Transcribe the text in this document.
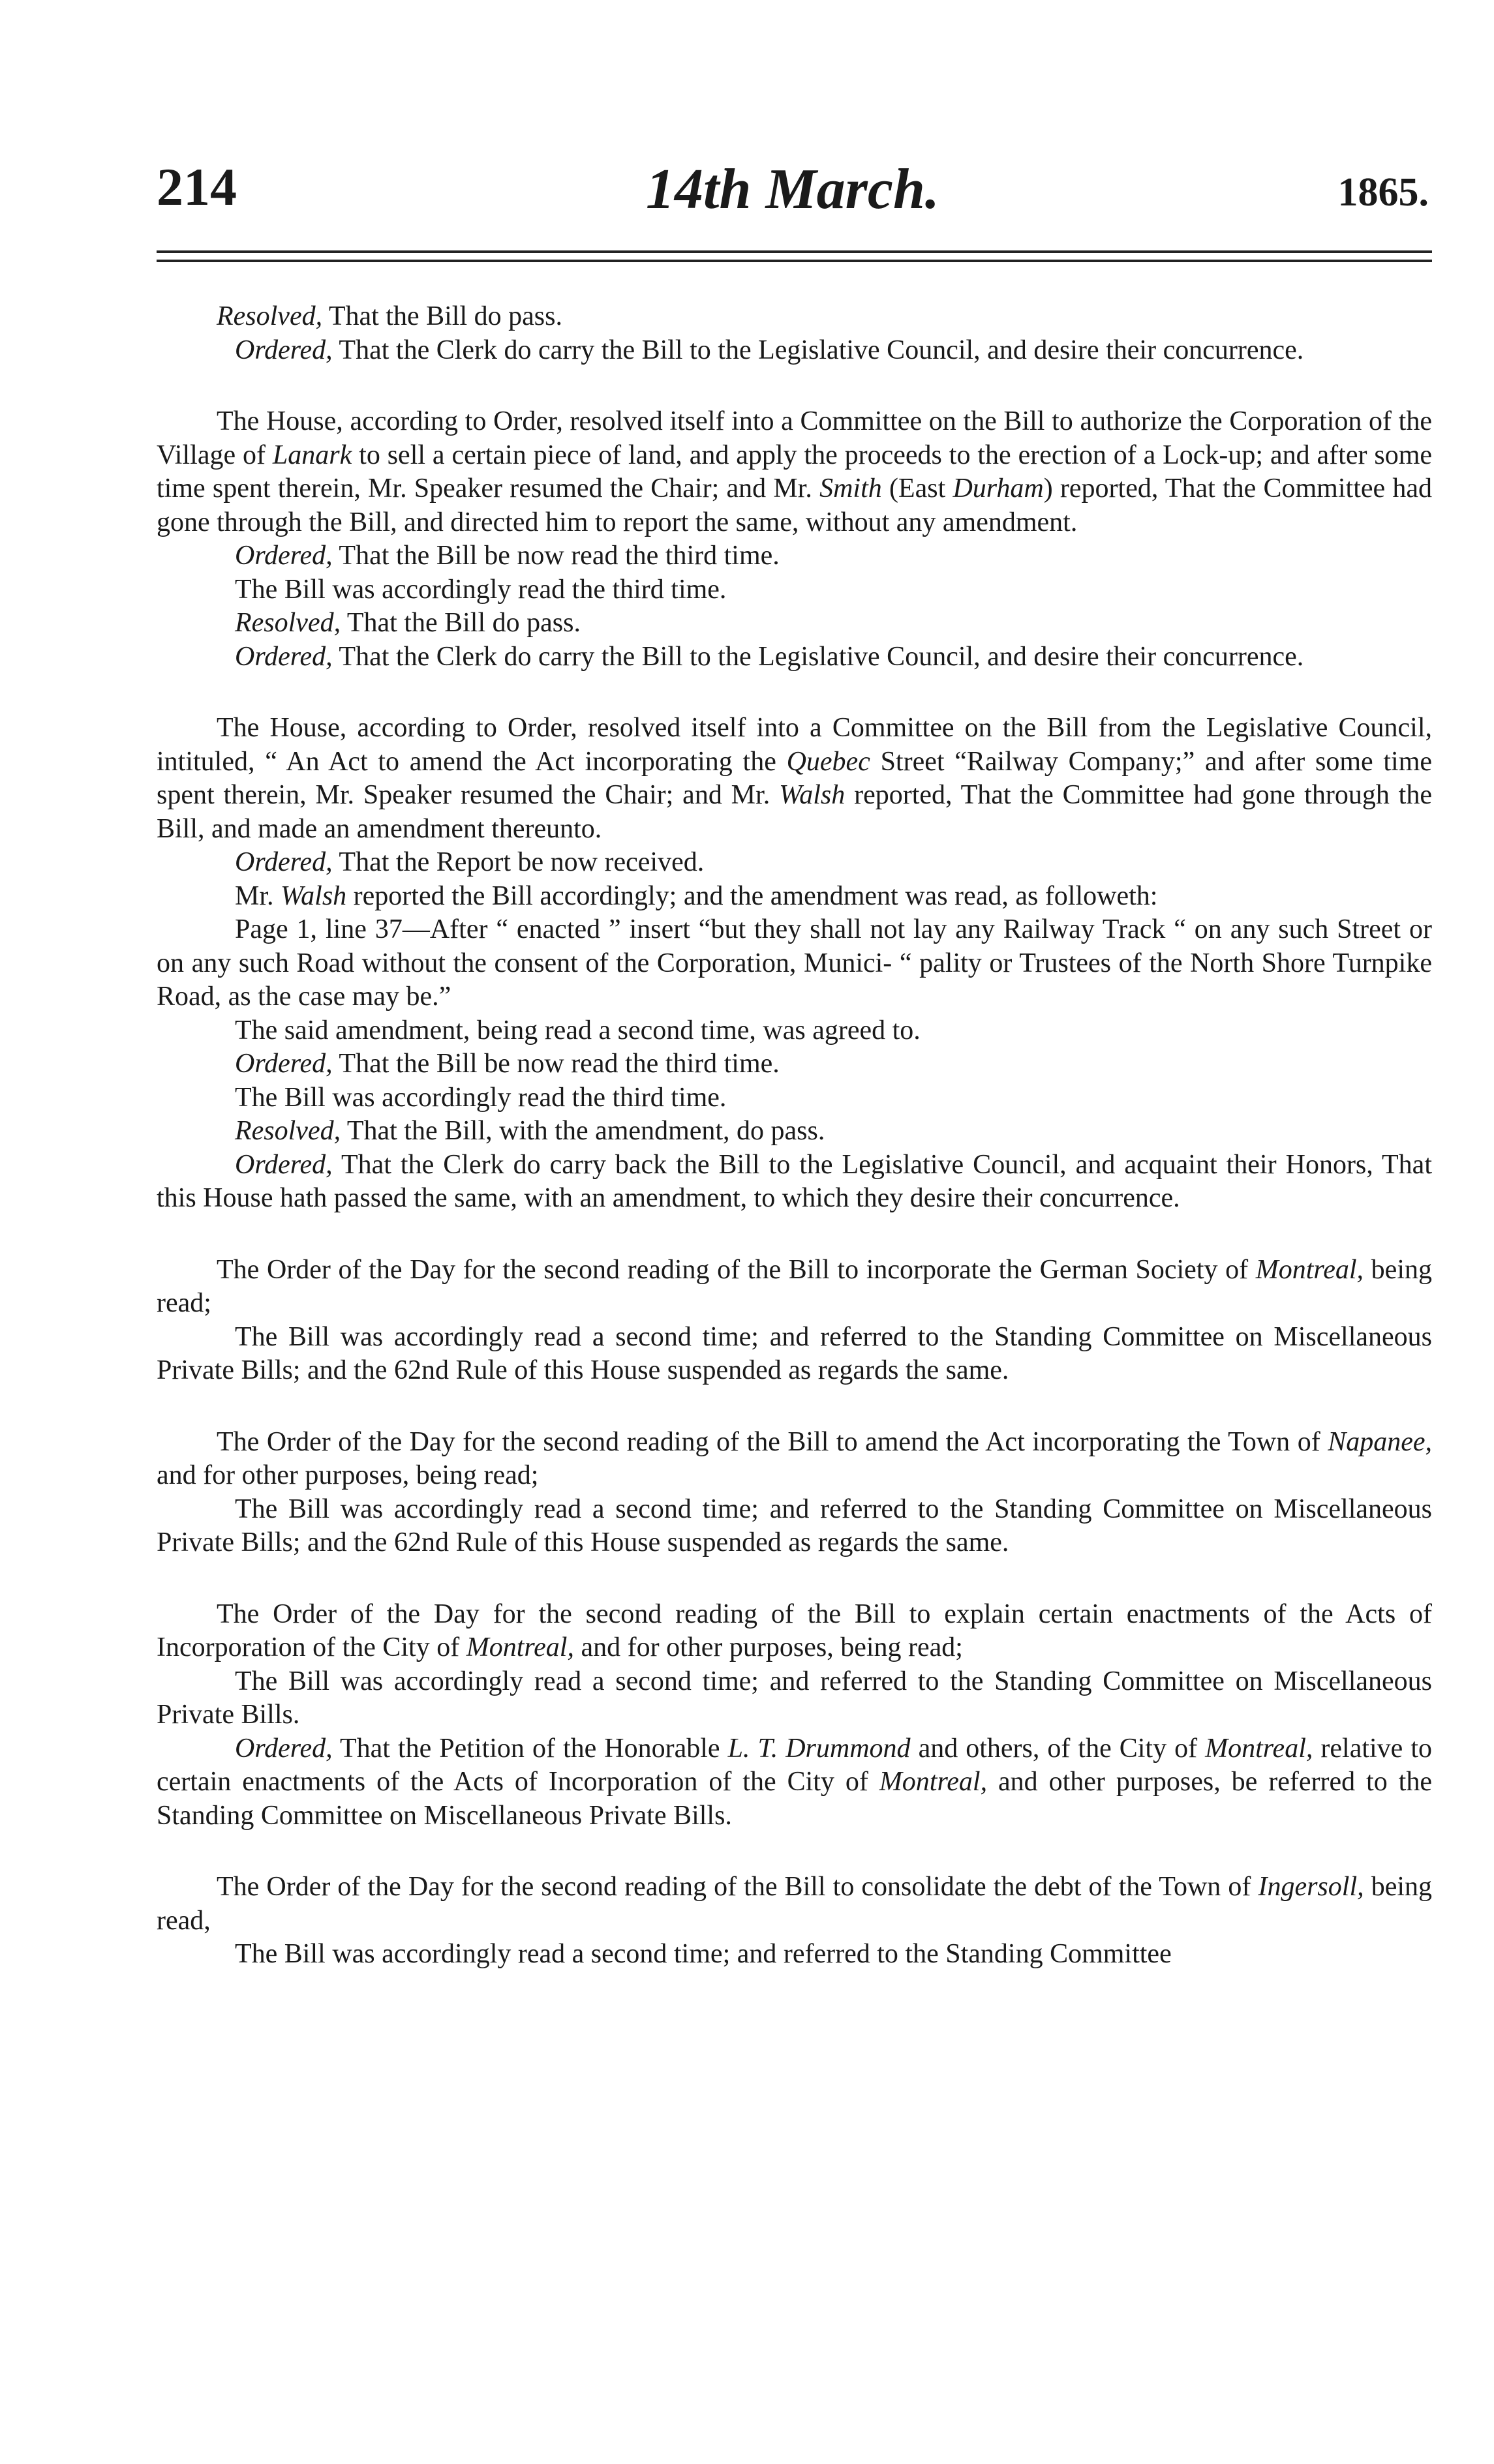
214	14th March.	1865.

Resolved, That the Bill do pass.

Ordered, That the Clerk do carry the Bill to the Legislative Council, and desire their concurrence.

The House, according to Order, resolved itself into a Committee on the Bill to authorize the Corporation of the Village of Lanark to sell a certain piece of land, and apply the proceeds to the erection of a Lock-up; and after some time spent therein, Mr. Speaker resumed the Chair; and Mr. Smith (East Durham) reported, That the Committee had gone through the Bill, and directed him to report the same, without any amendment.

Ordered, That the Bill be now read the third time.

The Bill was accordingly read the third time.

Resolved, That the Bill do pass.

Ordered, That the Clerk do carry the Bill to the Legislative Council, and desire their concurrence.

The House, according to Order, resolved itself into a Committee on the Bill from the Legislative Council, intituled, “ An Act to amend the Act incorporating the Quebec Street “Railway Company;” and after some time spent therein, Mr. Speaker resumed the Chair; and Mr. Walsh reported, That the Committee had gone through the Bill, and made an amendment thereunto.

Ordered, That the Report be now received.

Mr. Walsh reported the Bill accordingly; and the amendment was read, as followeth:

Page 1, line 37—After “ enacted ” insert “but they shall not lay any Railway Track “ on any such Street or on any such Road without the consent of the Corporation, Munici- “ pality or Trustees of the North Shore Turnpike Road, as the case may be.”

The said amendment, being read a second time, was agreed to.

Ordered, That the Bill be now read the third time.

The Bill was accordingly read the third time.

Resolved, That the Bill, with the amendment, do pass.

Ordered, That the Clerk do carry back the Bill to the Legislative Council, and acquaint their Honors, That this House hath passed the same, with an amendment, to which they desire their concurrence.

The Order of the Day for the second reading of the Bill to incorporate the German Society of Montreal, being read;

The Bill was accordingly read a second time; and referred to the Standing Committee on Miscellaneous Private Bills; and the 62nd Rule of this House suspended as regards the same.

The Order of the Day for the second reading of the Bill to amend the Act incorporating the Town of Napanee, and for other purposes, being read;

The Bill was accordingly read a second time; and referred to the Standing Committee on Miscellaneous Private Bills; and the 62nd Rule of this House suspended as regards the same.

The Order of the Day for the second reading of the Bill to explain certain enactments of the Acts of Incorporation of the City of Montreal, and for other purposes, being read;

The Bill was accordingly read a second time; and referred to the Standing Committee on Miscellaneous Private Bills.

Ordered, That the Petition of the Honorable L. T. Drummond and others, of the City of Montreal, relative to certain enactments of the Acts of Incorporation of the City of Montreal, and other purposes, be referred to the Standing Committee on Miscellaneous Private Bills.

The Order of the Day for the second reading of the Bill to consolidate the debt of the Town of Ingersoll, being read,

The Bill was accordingly read a second time; and referred to the Standing Committee
